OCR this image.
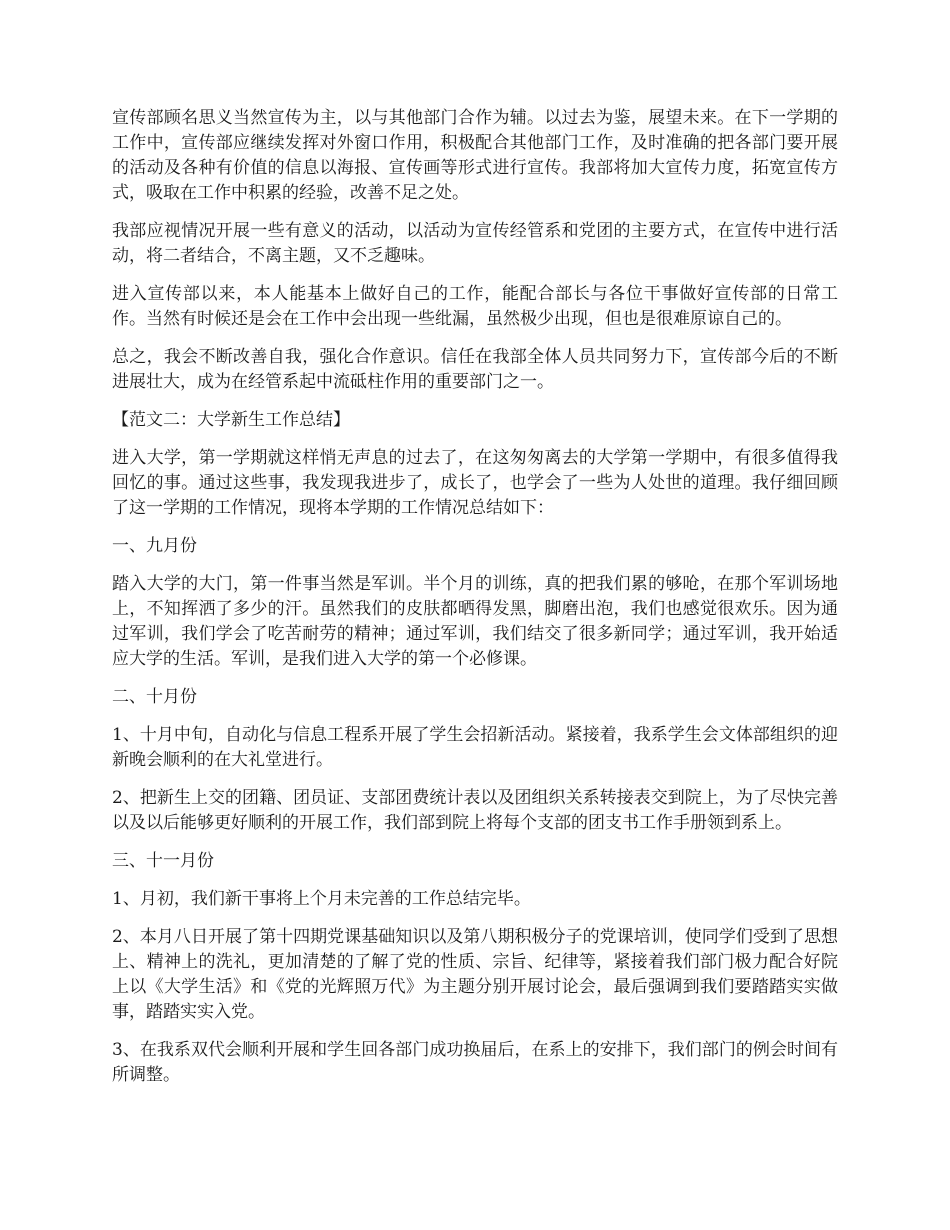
宣传部顾名思义当然宣传为主，以与其他部门合作为辅。以过去为鉴，展望未来。在下一学期的工作中，宣传部应继续发挥对外窗口作用，积极配合其他部门工作，及时准确的把各部门要开展的活动及各种有价值的信息以海报、宣传画等形式进行宣传。我部将加大宣传力度，拓宽宣传方式，吸取在工作中积累的经验，改善不足之处。

我部应视情况开展一些有意义的活动，以活动为宣传经管系和党团的主要方式，在宣传中进行活动，将二者结合，不离主题，又不乏趣味。

进入宣传部以来，本人能基本上做好自己的工作，能配合部长与各位干事做好宣传部的日常工作。当然有时候还是会在工作中会出现一些纰漏，虽然极少出现，但也是很难原谅自己的。

总之，我会不断改善自我，强化合作意识。信任在我部全体人员共同努力下，宣传部今后的不断进展壮大，成为在经管系起中流砥柱作用的重要部门之一。

【范文二：大学新生工作总结】

进入大学，第一学期就这样悄无声息的过去了，在这匆匆离去的大学第一学期中，有很多值得我回忆的事。通过这些事，我发现我进步了，成长了，也学会了一些为人处世的道理。我仔细回顾了这一学期的工作情况，现将本学期的工作情况总结如下：

一、九月份

踏入大学的大门，第一件事当然是军训。半个月的训练，真的把我们累的够呛，在那个军训场地上，不知挥洒了多少的汗。虽然我们的皮肤都晒得发黑，脚磨出泡，我们也感觉很欢乐。因为通过军训，我们学会了吃苦耐劳的精神；通过军训，我们结交了很多新同学；通过军训，我开始适应大学的生活。军训，是我们进入大学的第一个必修课。

二、十月份

1、十月中旬，自动化与信息工程系开展了学生会招新活动。紧接着，我系学生会文体部组织的迎新晚会顺利的在大礼堂进行。

2、把新生上交的团籍、团员证、支部团费统计表以及团组织关系转接表交到院上，为了尽快完善以及以后能够更好顺利的开展工作，我们部到院上将每个支部的团支书工作手册领到系上。

三、十一月份

1、月初，我们新干事将上个月未完善的工作总结完毕。

2、本月八日开展了第十四期党课基础知识以及第八期积极分子的党课培训，使同学们受到了思想上、精神上的洗礼，更加清楚的了解了党的性质、宗旨、纪律等，紧接着我们部门极力配合好院上以《大学生活》和《党的光辉照万代》为主题分别开展讨论会，最后强调到我们要踏踏实实做事，踏踏实实入党。

3、在我系双代会顺利开展和学生回各部门成功换届后，在系上的安排下，我们部门的例会时间有所调整。
